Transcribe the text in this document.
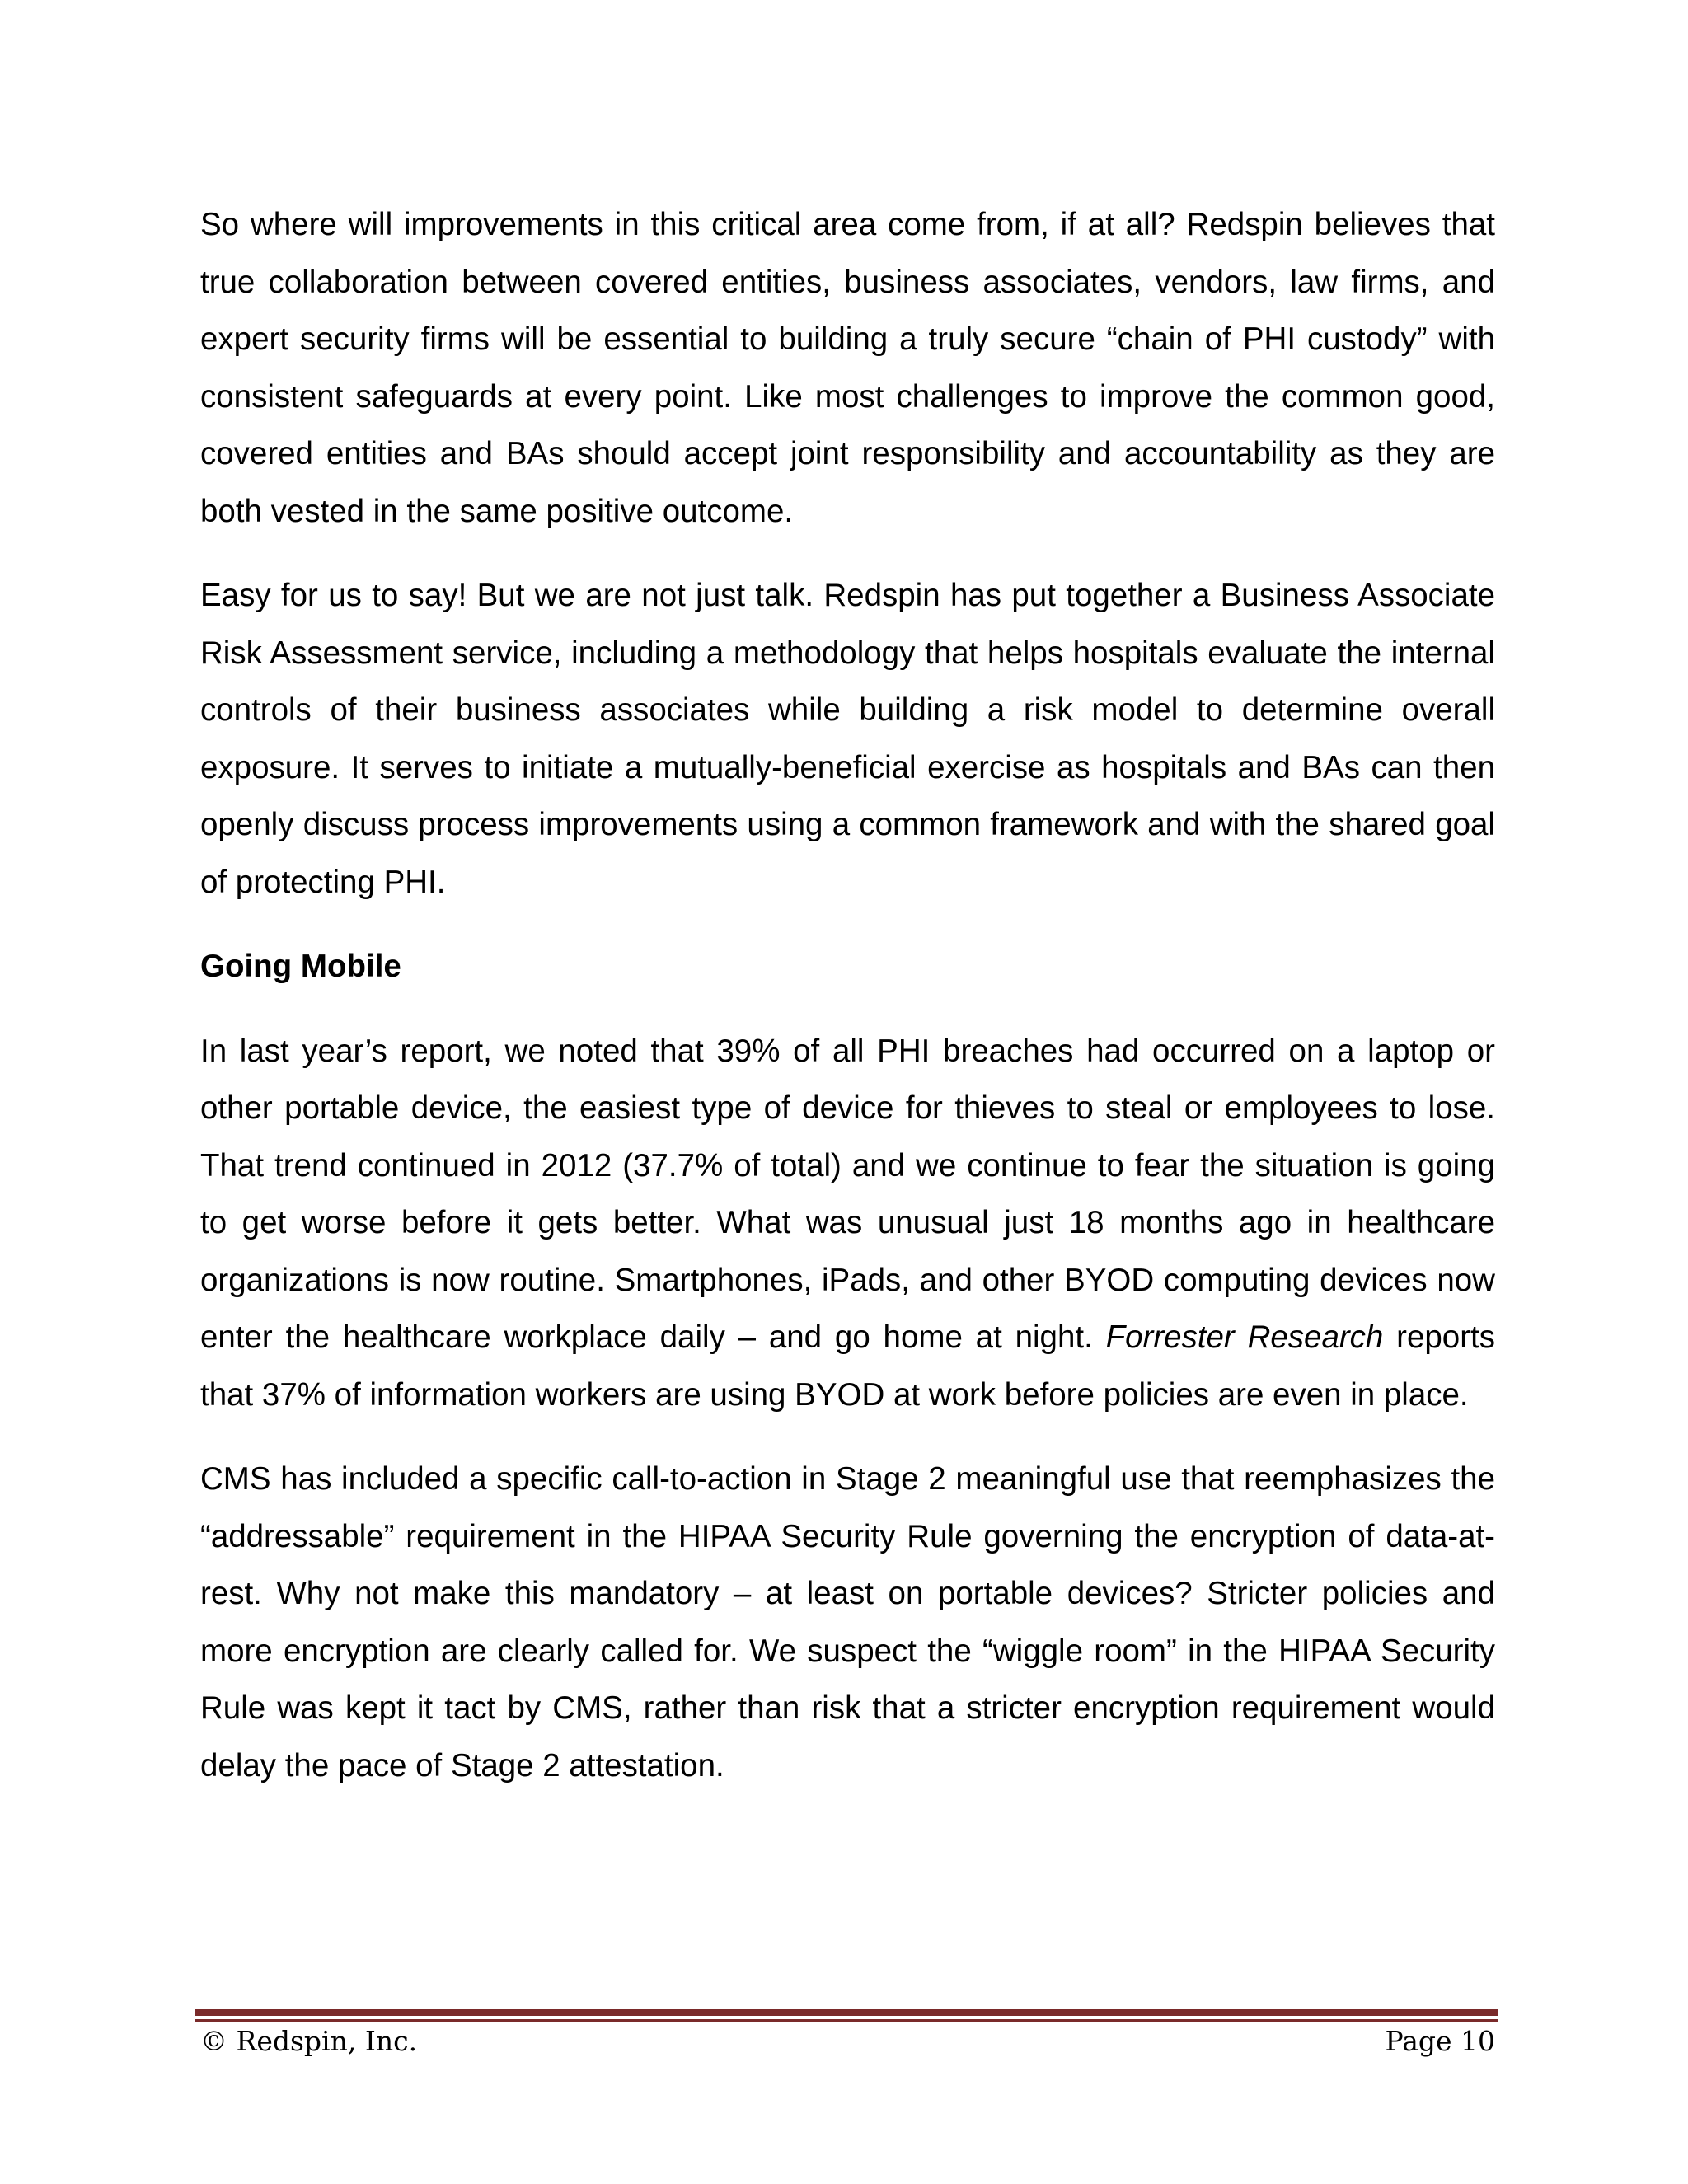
So where will improvements in this critical area come from, if at all? Redspin believes that true collaboration between covered entities, business associates, vendors, law firms, and expert security firms will be essential to building a truly secure “chain of PHI custody” with consistent safeguards at every point. Like most challenges to improve the common good, covered entities and BAs should accept joint responsibility and accountability as they are both vested in the same positive outcome.

Easy for us to say! But we are not just talk. Redspin has put together a Business Associate Risk Assessment service, including a methodology that helps hospitals evaluate the internal controls of their business associates while building a risk model to determine overall exposure. It serves to initiate a mutually-beneficial exercise as hospitals and BAs can then openly discuss process improvements using a common framework and with the shared goal of protecting PHI.

Going Mobile

In last year’s report, we noted that 39% of all PHI breaches had occurred on a laptop or other portable device, the easiest type of device for thieves to steal or employees to lose. That trend continued in 2012 (37.7% of total) and we continue to fear the situation is going to get worse before it gets better. What was unusual just 18 months ago in healthcare organizations is now routine. Smartphones, iPads, and other BYOD computing devices now enter the healthcare workplace daily – and go home at night. Forrester Research reports that 37% of information workers are using BYOD at work before policies are even in place.

CMS has included a specific call-to-action in Stage 2 meaningful use that reemphasizes the “addressable” requirement in the HIPAA Security Rule governing the encryption of data-at-rest. Why not make this mandatory – at least on portable devices? Stricter policies and more encryption are clearly called for. We suspect the “wiggle room” in the HIPAA Security Rule was kept it tact by CMS, rather than risk that a stricter encryption requirement would delay the pace of Stage 2 attestation.

© Redspin, Inc.	Page 10
